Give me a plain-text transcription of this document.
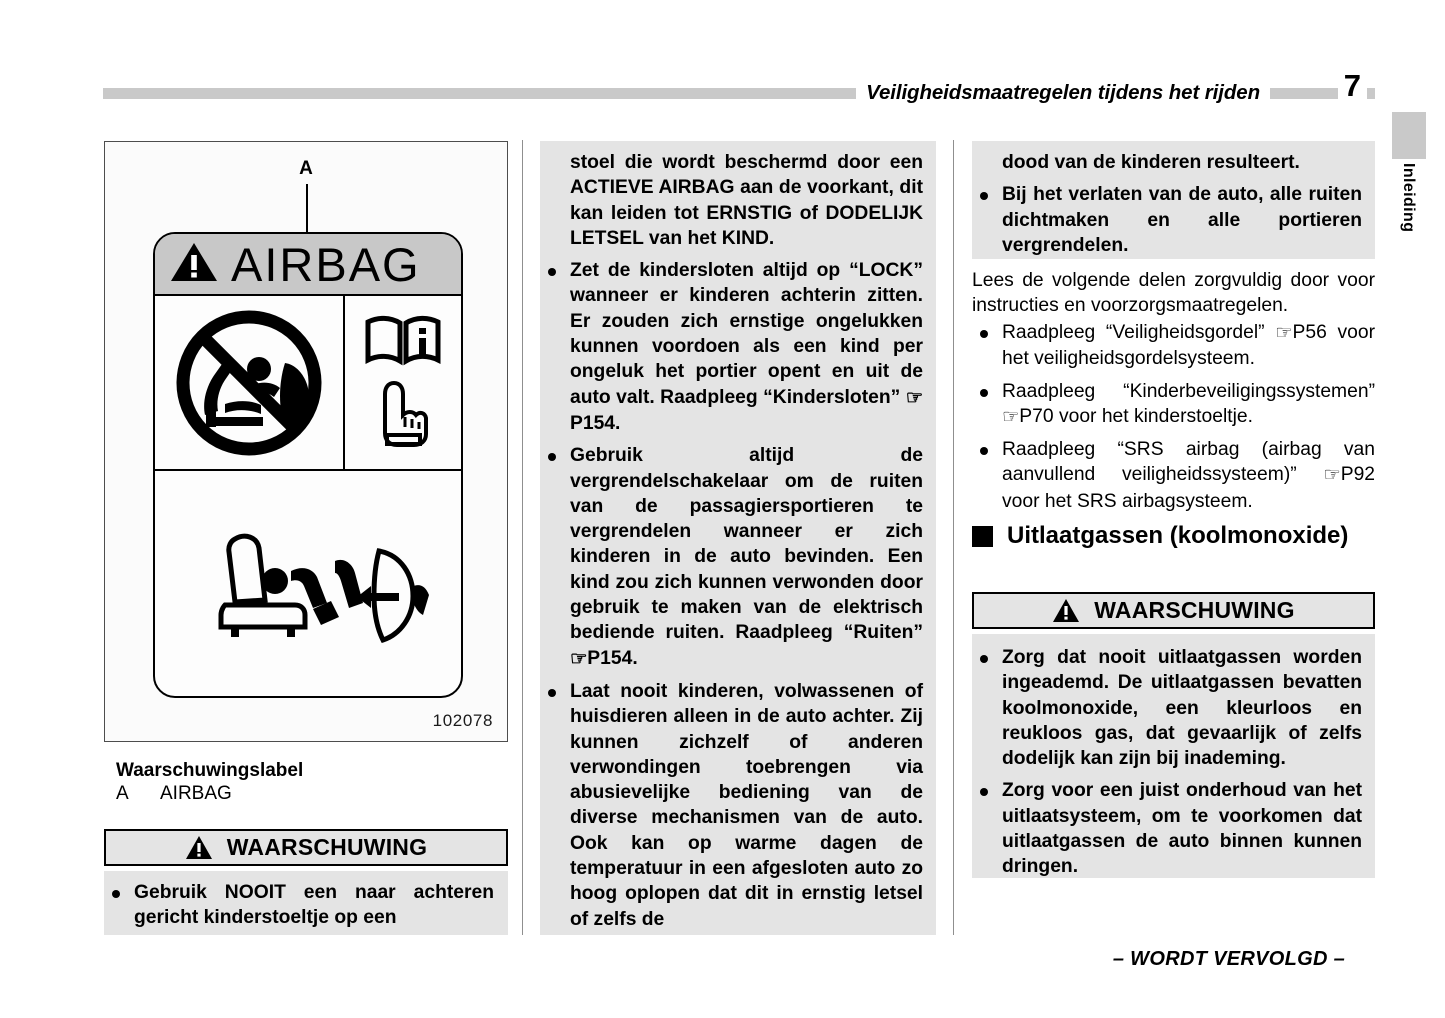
Veiligheidsmaatregelen tijdens het rijden	7
Inleiding
A
AIRBAG
102078
Waarschuwingslabel
A AIRBAG
WAARSCHUWING
Gebruik NOOIT een naar achteren gericht kinderstoeltje op een
stoel die wordt beschermd door een ACTIEVE AIRBAG aan de voorkant, dit kan leiden tot ERNSTIG of DODELIJK LETSEL van het KIND.
Zet de kindersloten altijd op “LOCK” wanneer er kinderen achterin zitten. Er zouden zich ernstige ongelukken kunnen voordoen als een kind per ongeluk het portier opent en uit de auto valt. Raadpleeg “Kindersloten” ☞P154.
Gebruik altijd de vergrendelschakelaar om de ruiten van de passagiersportieren te vergrendelen wanneer er zich kinderen in de auto bevinden. Een kind zou zich kunnen verwonden door gebruik te maken van de elektrisch bediende ruiten. Raadpleeg “Ruiten” ☞P154.
Laat nooit kinderen, volwassenen of huisdieren alleen in de auto achter. Zij kunnen zichzelf of anderen verwondingen toebrengen via abusievelijke bediening van de diverse mechanismen van de auto. Ook kan op warme dagen de temperatuur in een afgesloten auto zo hoog oplopen dat dit in ernstig letsel of zelfs de
dood van de kinderen resulteert.
Bij het verlaten van de auto, alle ruiten dichtmaken en alle portieren vergrendelen.
Lees de volgende delen zorgvuldig door voor instructies en voorzorgsmaatregelen.
Raadpleeg “Veiligheidsgordel” ☞P56 voor het veiligheidsgordelsysteem.
Raadpleeg “Kinderbeveiligingssystemen” ☞P70 voor het kinderstoeltje.
Raadpleeg “SRS airbag (airbag van aanvullend veiligheidssysteem)” ☞P92 voor het SRS airbagsysteem.
Uitlaatgassen (koolmonoxide)
WAARSCHUWING
Zorg dat nooit uitlaatgassen worden ingeademd. De uitlaatgassen bevatten koolmonoxide, een kleurloos en reukloos gas, dat gevaarlijk of zelfs dodelijk kan zijn bij inademing.
Zorg voor een juist onderhoud van het uitlaatsysteem, om te voorkomen dat uitlaatgassen de auto binnen kunnen dringen.
– WORDT VERVOLGD –
